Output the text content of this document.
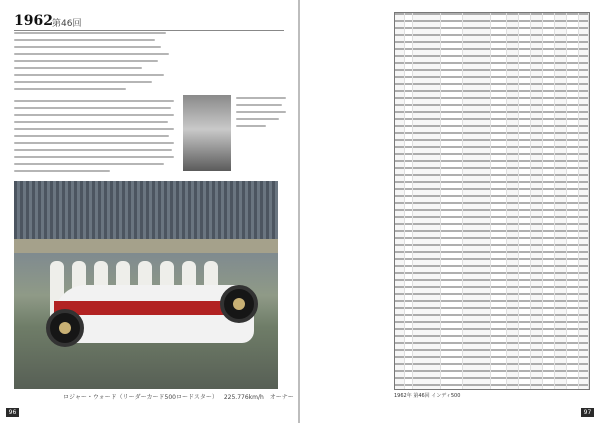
1962 第46回
ロジャー・ウォード（リーダーカード500ロードスター） 225.776km/h オーナー
96
1962年 第46回 インディ500
97
